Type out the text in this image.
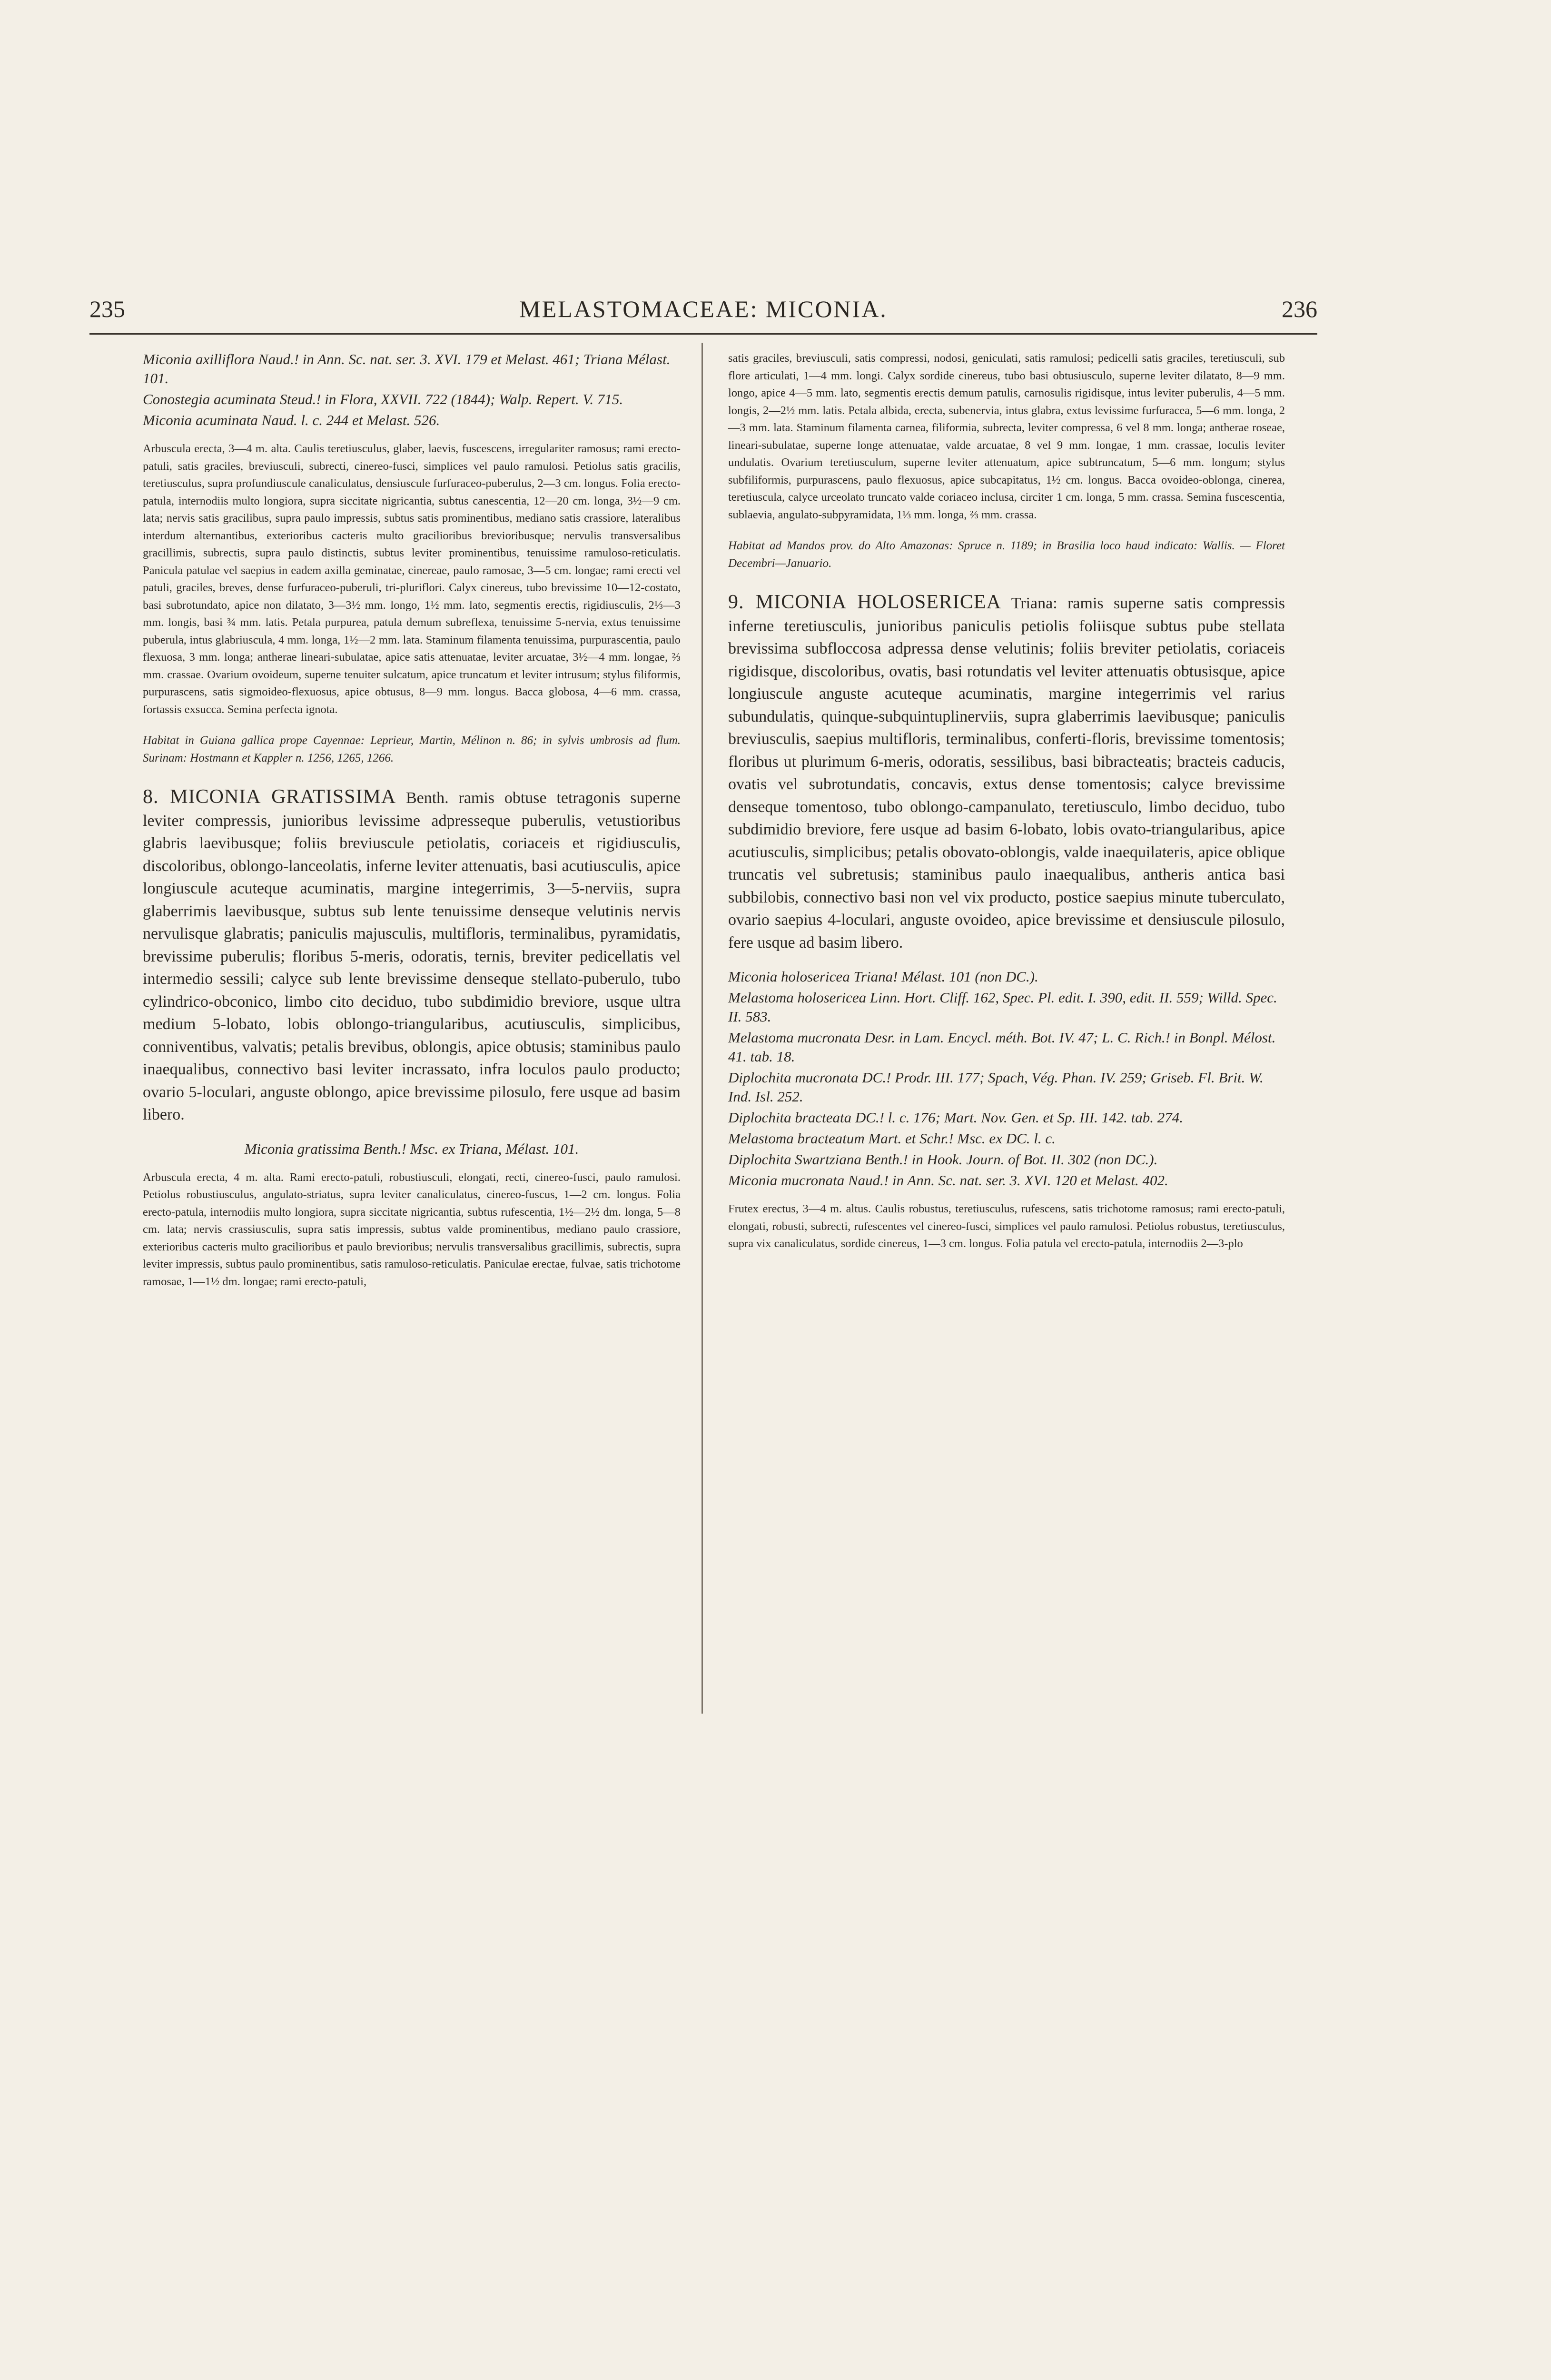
235	MELASTOMACEAE: MICONIA.	236

Miconia axilliflora Naud.! in Ann. Sc. nat. ser. 3. XVI. 179 et Melast. 461; Triana Mélast. 101.

Conostegia acuminata Steud.! in Flora, XXVII. 722 (1844); Walp. Repert. V. 715.

Miconia acuminata Naud. l. c. 244 et Melast. 526.

Arbuscula erecta, 3—4 m. alta. Caulis teretiusculus, glaber, laevis, fuscescens, irregulariter ramosus; rami erecto-patuli, satis graciles, breviusculi, subrecti, cinereo-fusci, simplices vel paulo ramulosi. Petiolus satis gracilis, teretiusculus, supra profundiuscule canaliculatus, densiuscule furfuraceo-puberulus, 2—3 cm. longus. Folia erecto-patula, internodiis multo longiora, supra siccitate nigricantia, subtus canescentia, 12—20 cm. longa, 3½—9 cm. lata; nervis satis gracilibus, supra paulo impressis, subtus satis prominentibus, mediano satis crassiore, lateralibus interdum alternantibus, exterioribus cacteris multo gracilioribus brevioribusque; nervulis transversalibus gracillimis, subrectis, supra paulo distinctis, subtus leviter prominentibus, tenuissime ramuloso-reticulatis. Panicula patulae vel saepius in eadem axilla geminatae, cinereae, paulo ramosae, 3—5 cm. longae; rami erecti vel patuli, graciles, breves, dense furfuraceo-puberuli, tri-pluriflori. Calyx cinereus, tubo brevissime 10—12-costato, basi subrotundato, apice non dilatato, 3—3½ mm. longo, 1½ mm. lato, segmentis erectis, rigidiusculis, 2⅓—3 mm. longis, basi ¾ mm. latis. Petala purpurea, patula demum subreflexa, tenuissime 5-nervia, extus tenuissime puberula, intus glabriuscula, 4 mm. longa, 1½—2 mm. lata. Staminum filamenta tenuissima, purpurascentia, paulo flexuosa, 3 mm. longa; antherae lineari-subulatae, apice satis attenuatae, leviter arcuatae, 3½—4 mm. longae, ⅔ mm. crassae. Ovarium ovoideum, superne tenuiter sulcatum, apice truncatum et leviter intrusum; stylus filiformis, purpurascens, satis sigmoideo-flexuosus, apice obtusus, 8—9 mm. longus. Bacca globosa, 4—6 mm. crassa, fortassis exsucca. Semina perfecta ignota.

Habitat in Guiana gallica prope Cayennae: Leprieur, Martin, Mélinon n. 86; in sylvis umbrosis ad flum. Surinam: Hostmann et Kappler n. 1256, 1265, 1266.

8. MICONIA GRATISSIMA Benth. ramis obtuse tetragonis superne leviter compressis, junioribus levissime adpresseque puberulis, vetustioribus glabris laevibusque; foliis breviuscule petiolatis, coriaceis et rigidiusculis, discoloribus, oblongo-lanceolatis, inferne leviter attenuatis, basi acutiusculis, apice longiuscule acuteque acuminatis, margine integerrimis, 3—5-nerviis, supra glaberrimis laevibusque, subtus sub lente tenuissime denseque velutinis nervis nervulisque glabratis; paniculis majusculis, multifloris, terminalibus, pyramidatis, brevissime puberulis; floribus 5-meris, odoratis, ternis, breviter pedicellatis vel intermedio sessili; calyce sub lente brevissime denseque stellato-puberulo, tubo cylindrico-obconico, limbo cito deciduo, tubo subdimidio breviore, usque ultra medium 5-lobato, lobis oblongo-triangularibus, acutiusculis, simplicibus, conniventibus, valvatis; petalis brevibus, oblongis, apice obtusis; staminibus paulo inaequalibus, connectivo basi leviter incrassato, infra loculos paulo producto; ovario 5-loculari, anguste oblongo, apice brevissime pilosulo, fere usque ad basim libero.

Miconia gratissima Benth.! Msc. ex Triana, Mélast. 101.

Arbuscula erecta, 4 m. alta. Rami erecto-patuli, robustiusculi, elongati, recti, cinereo-fusci, paulo ramulosi. Petiolus robustiusculus, angulato-striatus, supra leviter canaliculatus, cinereo-fuscus, 1—2 cm. longus. Folia erecto-patula, internodiis multo longiora, supra siccitate nigricantia, subtus rufescentia, 1½—2½ dm. longa, 5—8 cm. lata; nervis crassiusculis, supra satis impressis, subtus valde prominentibus, mediano paulo crassiore, exterioribus cacteris multo gracilioribus et paulo brevioribus; nervulis transversalibus gracillimis, subrectis, supra leviter impressis, subtus paulo prominentibus, satis ramuloso-reticulatis. Paniculae erectae, fulvae, satis trichotome ramosae, 1—1½ dm. longae; rami erecto-patuli,

satis graciles, breviusculi, satis compressi, nodosi, geniculati, satis ramulosi; pedicelli satis graciles, teretiusculi, sub flore articulati, 1—4 mm. longi. Calyx sordide cinereus, tubo basi obtusiusculo, superne leviter dilatato, 8—9 mm. longo, apice 4—5 mm. lato, segmentis erectis demum patulis, carnosulis rigidisque, intus leviter puberulis, 4—5 mm. longis, 2—2½ mm. latis. Petala albida, erecta, subenervia, intus glabra, extus levissime furfuracea, 5—6 mm. longa, 2—3 mm. lata. Staminum filamenta carnea, filiformia, subrecta, leviter compressa, 6 vel 8 mm. longa; antherae roseae, lineari-subulatae, superne longe attenuatae, valde arcuatae, 8 vel 9 mm. longae, 1 mm. crassae, loculis leviter undulatis. Ovarium teretiusculum, superne leviter attenuatum, apice subtruncatum, 5—6 mm. longum; stylus subfiliformis, purpurascens, paulo flexuosus, apice subcapitatus, 1½ cm. longus. Bacca ovoideo-oblonga, cinerea, teretiuscula, calyce urceolato truncato valde coriaceo inclusa, circiter 1 cm. longa, 5 mm. crassa. Semina fuscescentia, sublaevia, angulato-subpyramidata, 1⅓ mm. longa, ⅔ mm. crassa.

Habitat ad Mandos prov. do Alto Amazonas: Spruce n. 1189; in Brasilia loco haud indicato: Wallis. — Floret Decembri—Januario.

9. MICONIA HOLOSERICEA Triana: ramis superne satis compressis inferne teretiusculis, junioribus paniculis petiolis foliisque subtus pube stellata brevissima subfloccosa adpressa dense velutinis; foliis breviter petiolatis, coriaceis rigidisque, discoloribus, ovatis, basi rotundatis vel leviter attenuatis obtusisque, apice longiuscule anguste acuteque acuminatis, margine integerrimis vel rarius subundulatis, quinque-subquintuplinerviis, supra glaberrimis laevibusque; paniculis breviusculis, saepius multifloris, terminalibus, conferti-floris, brevissime tomentosis; floribus ut plurimum 6-meris, odoratis, sessilibus, basi bibracteatis; bracteis caducis, ovatis vel subrotundatis, concavis, extus dense tomentosis; calyce brevissime denseque tomentoso, tubo oblongo-campanulato, teretiusculo, limbo deciduo, tubo subdimidio breviore, fere usque ad basim 6-lobato, lobis ovato-triangularibus, apice acutiusculis, simplicibus; petalis obovato-oblongis, valde inaequilateris, apice oblique truncatis vel subretusis; staminibus paulo inaequalibus, antheris antica basi subbilobis, connectivo basi non vel vix producto, postice saepius minute tuberculato, ovario saepius 4-loculari, anguste ovoideo, apice brevissime et densiuscule pilosulo, fere usque ad basim libero.

Miconia holosericea Triana! Mélast. 101 (non DC.).

Melastoma holosericea Linn. Hort. Cliff. 162, Spec. Pl. edit. I. 390, edit. II. 559; Willd. Spec. II. 583.

Melastoma mucronata Desr. in Lam. Encycl. méth. Bot. IV. 47; L. C. Rich.! in Bonpl. Mélost. 41. tab. 18.

Diplochita mucronata DC.! Prodr. III. 177; Spach, Vég. Phan. IV. 259; Griseb. Fl. Brit. W. Ind. Isl. 252.

Diplochita bracteata DC.! l. c. 176; Mart. Nov. Gen. et Sp. III. 142. tab. 274.

Melastoma bracteatum Mart. et Schr.! Msc. ex DC. l. c.

Diplochita Swartziana Benth.! in Hook. Journ. of Bot. II. 302 (non DC.).

Miconia mucronata Naud.! in Ann. Sc. nat. ser. 3. XVI. 120 et Melast. 402.

Frutex erectus, 3—4 m. altus. Caulis robustus, teretiusculus, rufescens, satis trichotome ramosus; rami erecto-patuli, elongati, robusti, subrecti, rufescentes vel cinereo-fusci, simplices vel paulo ramulosi. Petiolus robustus, teretiusculus, supra vix canaliculatus, sordide cinereus, 1—3 cm. longus. Folia patula vel erecto-patula, internodiis 2—3-plo
